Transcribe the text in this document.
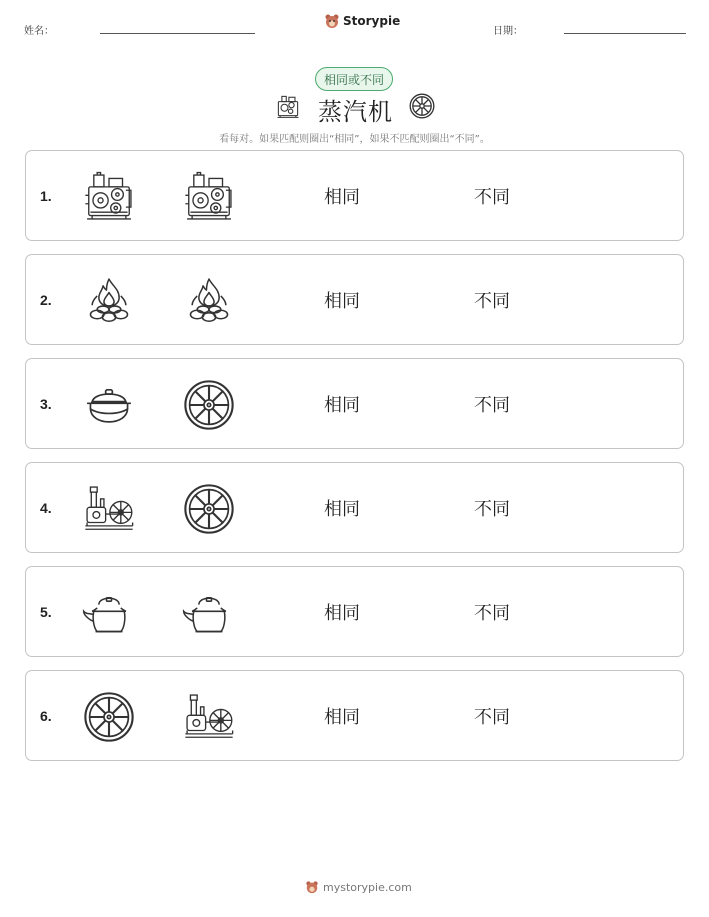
姓名：
Storypie
日期：
相同或不同
蒸汽机
看每对。如果匹配则圈出“相同”，如果不匹配则圈出“不同”。
1.	相同	不同
2.	相同	不同
3.	相同	不同
4.	相同	不同
5.	相同	不同
6.	相同	不同
mystorypie.com
